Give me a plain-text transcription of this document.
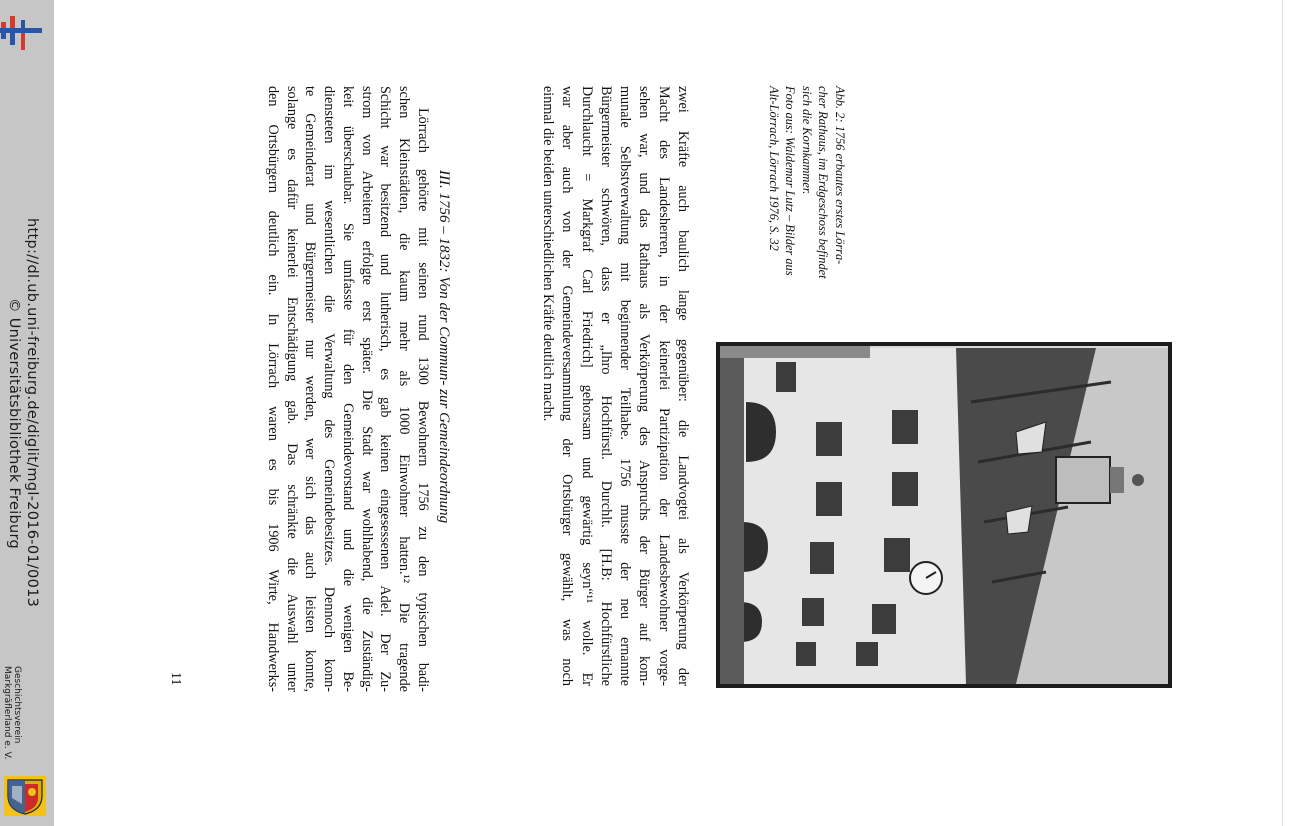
http://dl.ub.uni-freiburg.de/diglit/mgl-2016-01/0013
© Universitätsbibliothek Freiburg
Geschichtsverein
Markgräflerland e. V.
Abb. 2: 1756 erbautes erstes Lörra-
cher Rathaus, im Erdgeschoss befindet
sich die Kornkammer.
Foto aus: Waldemar Lutz – Bilder aus
Alt-Lörrach, Lörrach 1976, S. 32
zwei Kräfte auch baulich lange gegenüber: die Landvogtei als Verkörperung der
Macht des Landesherren, in der keinerlei Partizipation der Landesbewohner vorge-
sehen war, und das Rathaus als Verkörperung des Anspruchs der Bürger auf kom-
munale Selbstverwaltung mit beginnender Teilhabe. 1756 musste der neu ernannte
Bürgermeister schwören, dass er „Ihro Hochfürstl. Durchlt. [H.B: Hochfürstliche
Durchlaucht = Markgraf Carl Friedrich] gehorsam und gewärtig seyn“¹¹ wolle. Er
war aber auch von der Gemeindeversammlung der Ortsbürger gewählt, was noch
einmal die beiden unterschiedlichen Kräfte deutlich macht.
III. 1756 – 1832: Von der Commun- zur Gemeindeordnung
Lörrach gehörte mit seinen rund 1300 Bewohnern 1756 zu den typischen badi-
schen Kleinstädten, die kaum mehr als 1000 Einwohner hatten.¹² Die tragende
Schicht war besitzend und lutherisch, es gab keinen eingesessenen Adel. Der Zu-
strom von Arbeitern erfolgte erst später. Die Stadt war wohlhabend, die Zuständig-
keit überschaubar. Sie umfasste für den Gemeindevorstand und die wenigen Be-
diensteten im wesentlichen die Verwaltung des Gemeindebesitzes. Dennoch konn-
te Gemeinderat und Bürgermeister nur werden, wer sich das auch leisten konnte,
solange es dafür keinerlei Entschädigung gab. Das schränkte die Auswahl unter
den Ortsbürgern deutlich ein. In Lörrach waren es bis 1906 Wirte, Handwerks-
11
